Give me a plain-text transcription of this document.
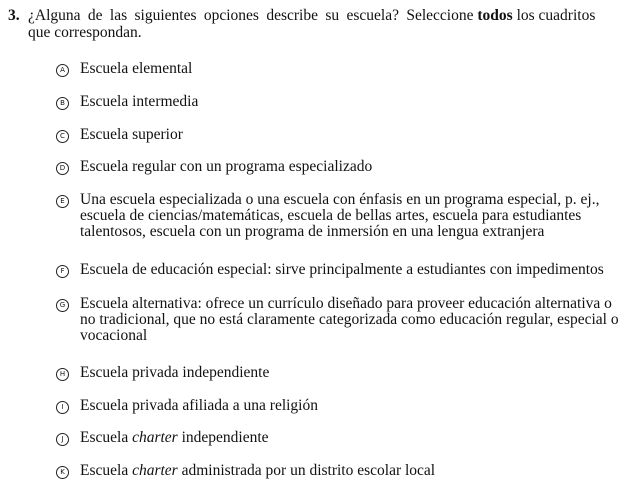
3. ¿Alguna de las siguientes opciones describe su escuela? Seleccione todos los cuadritos que correspondan.
A Escuela elemental
B Escuela intermedia
C Escuela superior
D Escuela regular con un programa especializado
E Una escuela especializada o una escuela con énfasis en un programa especial, p. ej., escuela de ciencias/matemáticas, escuela de bellas artes, escuela para estudiantes talentosos, escuela con un programa de inmersión en una lengua extranjera
F Escuela de educación especial: sirve principalmente a estudiantes con impedimentos
G Escuela alternativa: ofrece un currículo diseñado para proveer educación alternativa o no tradicional, que no está claramente categorizada como educación regular, especial o vocacional
H Escuela privada independiente
I	Escuela privada afiliada a una religión
J	Escuela charter independiente
K Escuela charter administrada por un distrito escolar local
